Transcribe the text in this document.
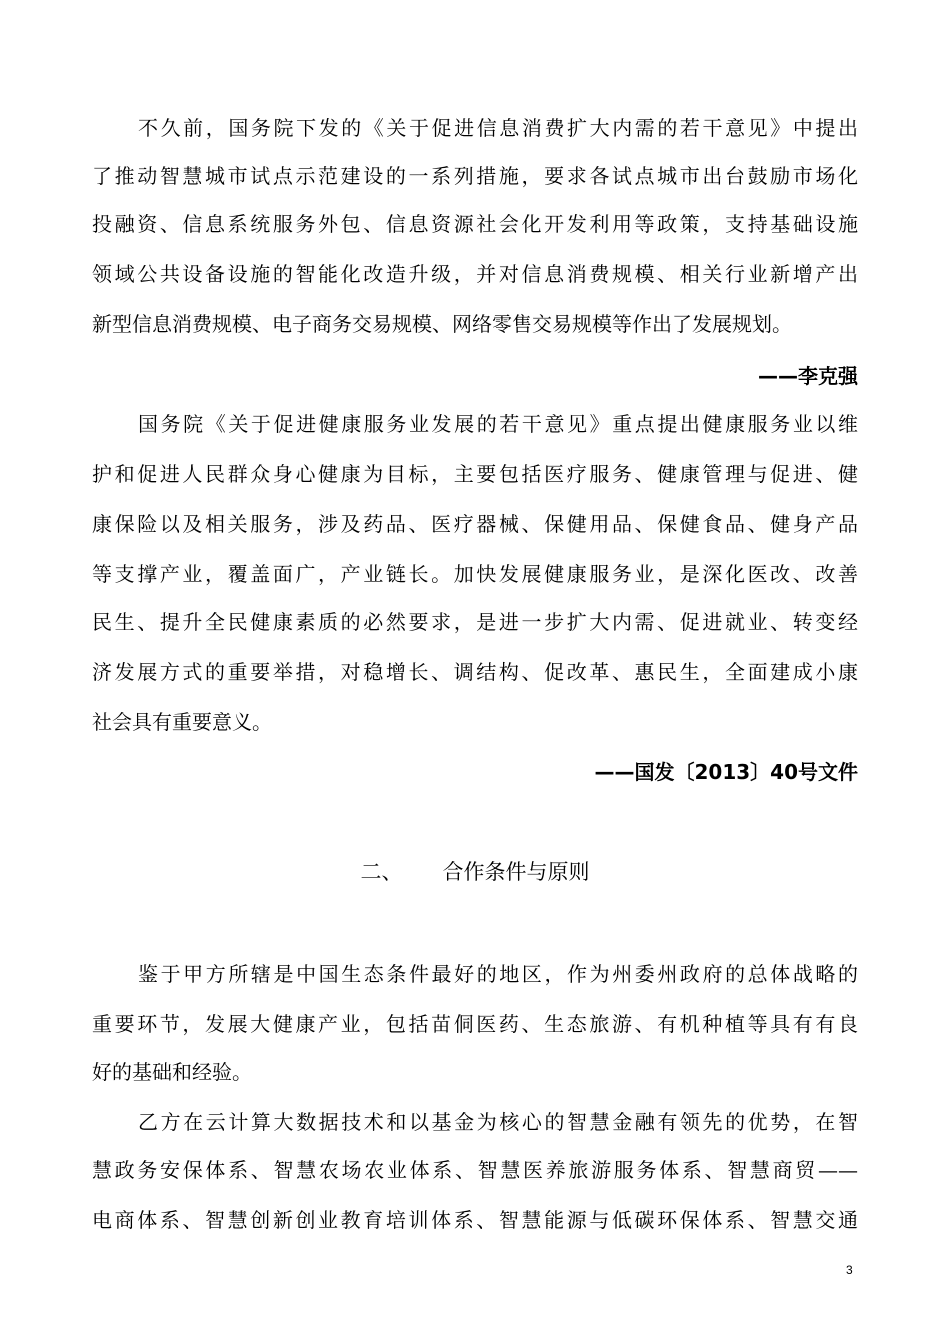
不久前，国务院下发的《关于促进信息消费扩大内需的若干意见》中提出
了推动智慧城市试点示范建设的一系列措施，要求各试点城市出台鼓励市场化
投融资、信息系统服务外包、信息资源社会化开发利用等政策，支持基础设施
领域公共设备设施的智能化改造升级，并对信息消费规模、相关行业新增产出
新型信息消费规模、电子商务交易规模、网络零售交易规模等作出了发展规划。
——李克强
国务院《关于促进健康服务业发展的若干意见》重点提出健康服务业以维
护和促进人民群众身心健康为目标，主要包括医疗服务、健康管理与促进、健
康保险以及相关服务，涉及药品、医疗器械、保健用品、保健食品、健身产品
等支撑产业，覆盖面广，产业链长。加快发展健康服务业，是深化医改、改善
民生、提升全民健康素质的必然要求，是进一步扩大内需、促进就业、转变经
济发展方式的重要举措，对稳增长、调结构、促改革、惠民生，全面建成小康
社会具有重要意义。
——国发〔2013〕40号文件
二、 合作条件与原则
鉴于甲方所辖是中国生态条件最好的地区，作为州委州政府的总体战略的
重要环节，发展大健康产业，包括苗侗医药、生态旅游、有机种植等具有有良
好的基础和经验。
乙方在云计算大数据技术和以基金为核心的智慧金融有领先的优势，在智
慧政务安保体系、智慧农场农业体系、智慧医养旅游服务体系、智慧商贸——
电商体系、智慧创新创业教育培训体系、智慧能源与低碳环保体系、智慧交通
3
